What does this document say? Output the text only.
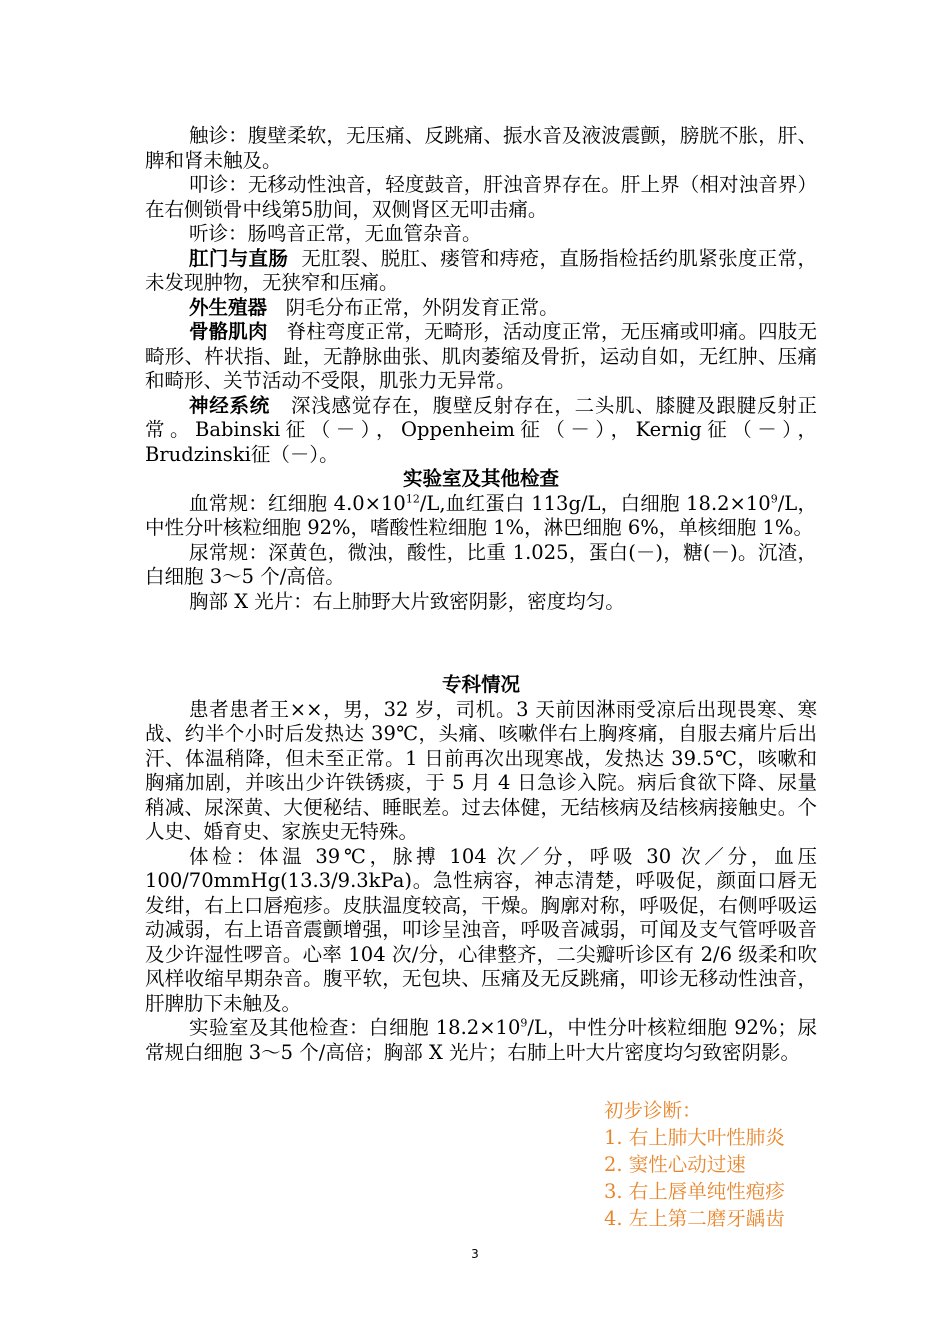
触诊：腹壁柔软，无压痛、反跳痛、振水音及液波震颤，膀胱不胀，肝、脾和肾未触及。

叩诊：无移动性浊音，轻度鼓音，肝浊音界存在。肝上界（相对浊音界）在右侧锁骨中线第5肋间，双侧肾区无叩击痛。

听诊：肠鸣音正常，无血管杂音。

肛门与直肠 无肛裂、脱肛、瘘管和痔疮，直肠指检括约肌紧张度正常，未发现肿物，无狭窄和压痛。

外生殖器 阴毛分布正常，外阴发育正常。

骨骼肌肉 脊柱弯度正常，无畸形，活动度正常，无压痛或叩痛。四肢无畸形、杵状指、趾，无静脉曲张、肌肉萎缩及骨折，运动自如，无红肿、压痛和畸形、关节活动不受限，肌张力无异常。

神经系统 深浅感觉存在，腹壁反射存在，二头肌、膝腱及跟腱反射正常。Babinski征（－），Oppenheim征（－），Kernig征（－），Brudzinski征（－）。

实验室及其他检查

血常规：红细胞 $4.0\times 10^{12}/L$,血红蛋白 113g/L，白细胞 $18.2\times 10^9/L$，中性分叶核粒细胞 92%，嗜酸性粒细胞 1%，淋巴细胞 6%，单核细胞 1%。

尿常规：深黄色，微浊，酸性，比重 1.025，蛋白(－)，糖(－)。沉渣，白细胞 3～5 个/高倍。

胸部 X 光片：右上肺野大片致密阴影，密度均匀。

专科情况

患者患者王××，男，32 岁，司机。3 天前因淋雨受凉后出现畏寒、寒战、约半个小时后发热达 39℃，头痛、咳嗽伴右上胸疼痛，自服去痛片后出汗、体温稍降，但未至正常。1 日前再次出现寒战，发热达 39.5℃，咳嗽和胸痛加剧，并咳出少许铁锈痰，于 5 月 4 日急诊入院。病后食欲下降、尿量稍减、尿深黄、大便秘结、睡眠差。过去体健，无结核病及结核病接触史。个人史、婚育史、家族史无特殊。

体检：体温 39℃，脉搏 104 次／分，呼吸 30 次／分，血压 100/70mmHg(13.3/9.3kPa)。急性病容，神志清楚，呼吸促，颜面口唇无发绀，右上口唇疱疹。皮肤温度较高，干燥。胸廓对称，呼吸促，右侧呼吸运动减弱，右上语音震颤增强，叩诊呈浊音，呼吸音减弱，可闻及支气管呼吸音及少许湿性啰音。心率 104 次/分，心律整齐，二尖瓣听诊区有 2/6 级柔和吹风样收缩早期杂音。腹平软，无包块、压痛及无反跳痛，叩诊无移动性浊音，肝脾肋下未触及。

实验室及其他检查：白细胞 $18.2\times 10^9/L$，中性分叶核粒细胞 92%；尿常规白细胞 3～5 个/高倍；胸部 X 光片；右肺上叶大片密度均匀致密阴影。

初步诊断：
1. 右上肺大叶性肺炎
2. 窦性心动过速
3. 右上唇单纯性疱疹
4. 左上第二磨牙龋齿
3
